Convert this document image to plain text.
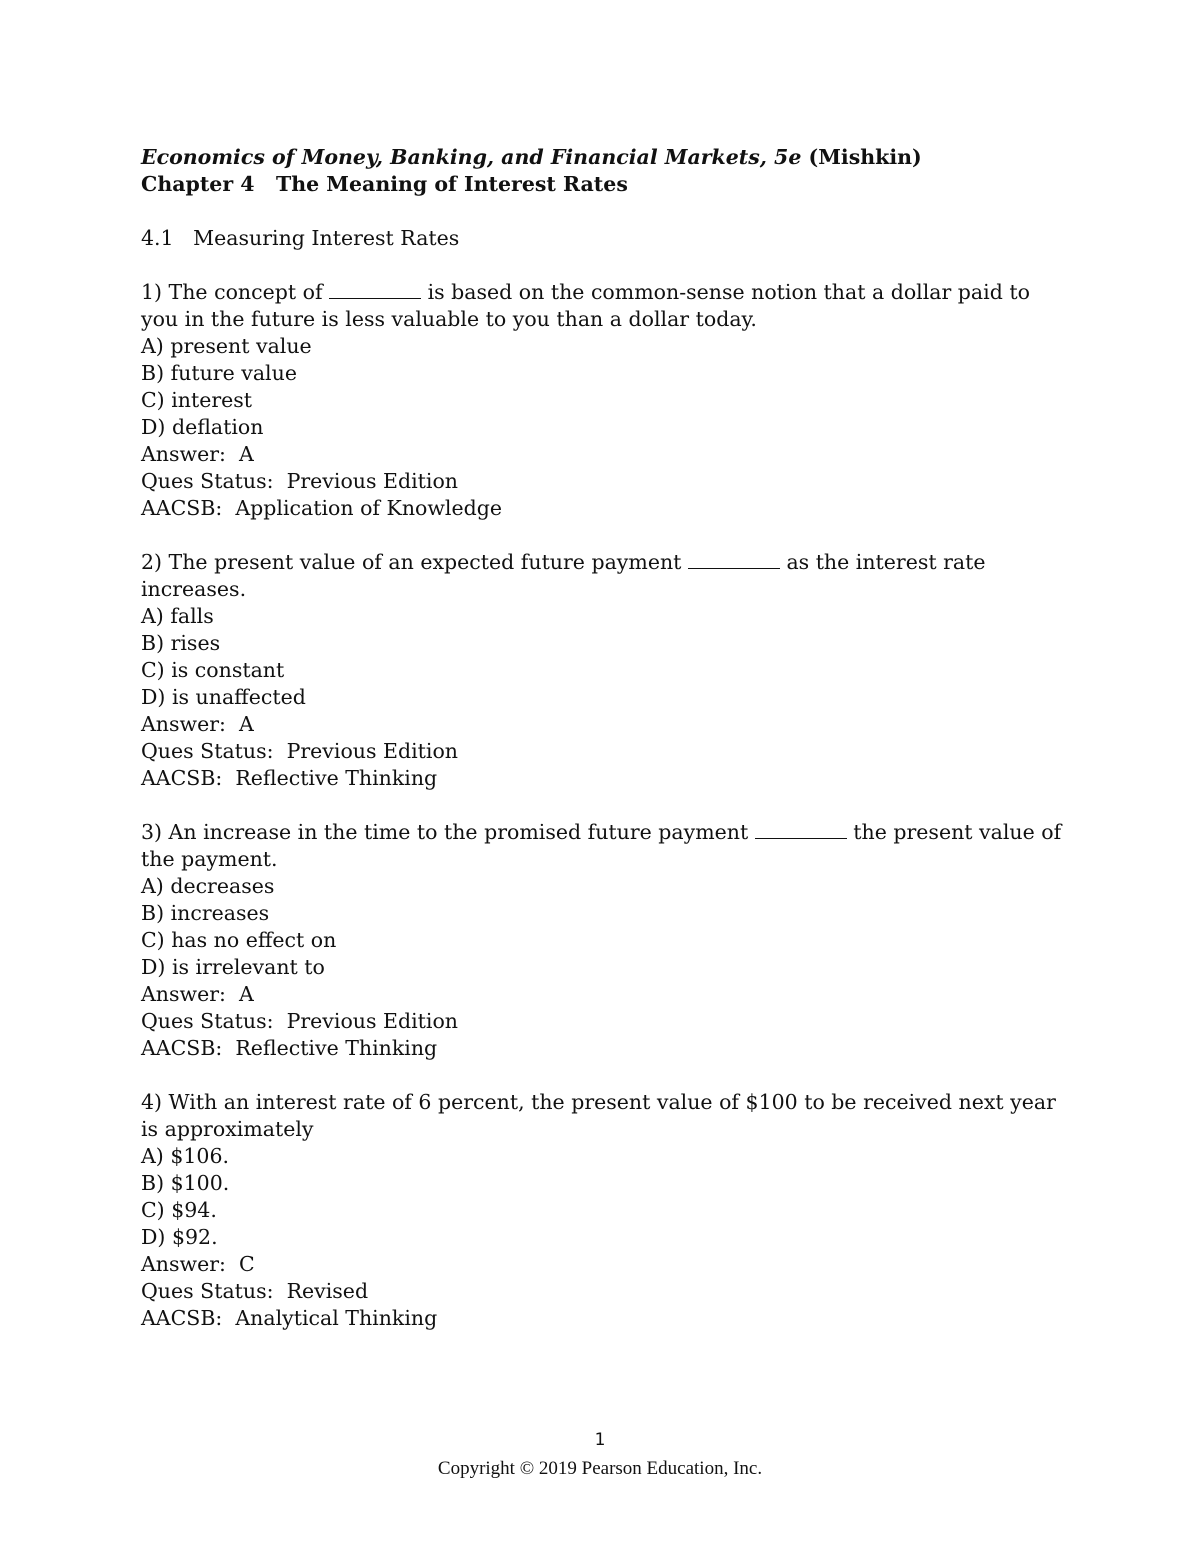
Economics of Money, Banking, and Financial Markets, 5e (Mishkin)

Chapter 4   The Meaning of Interest Rates

4.1   Measuring Interest Rates
1) The concept of	is based on the common-sense notion that a dollar paid to you in the future is less valuable to you than a dollar today.
A) present value
B) future value
C) interest
D) deflation
Answer:  A
Ques Status:  Previous Edition
AACSB:  Application of Knowledge
2) The present value of an expected future payment	as the interest rate increases.
A) falls
B) rises
C) is constant
D) is unaffected
Answer:  A
Ques Status:  Previous Edition
AACSB:  Reflective Thinking
3) An increase in the time to the promised future payment	the present value of the payment.
A) decreases
B) increases
C) has no effect on
D) is irrelevant to
Answer:  A
Ques Status:  Previous Edition
AACSB:  Reflective Thinking
4) With an interest rate of 6 percent, the present value of $100 to be received next year is approximately
A) $106.
B) $100.
C) $94.
D) $92.
Answer:  C
Ques Status:  Revised
AACSB:  Analytical Thinking
1
Copyright © 2019 Pearson Education, Inc.
